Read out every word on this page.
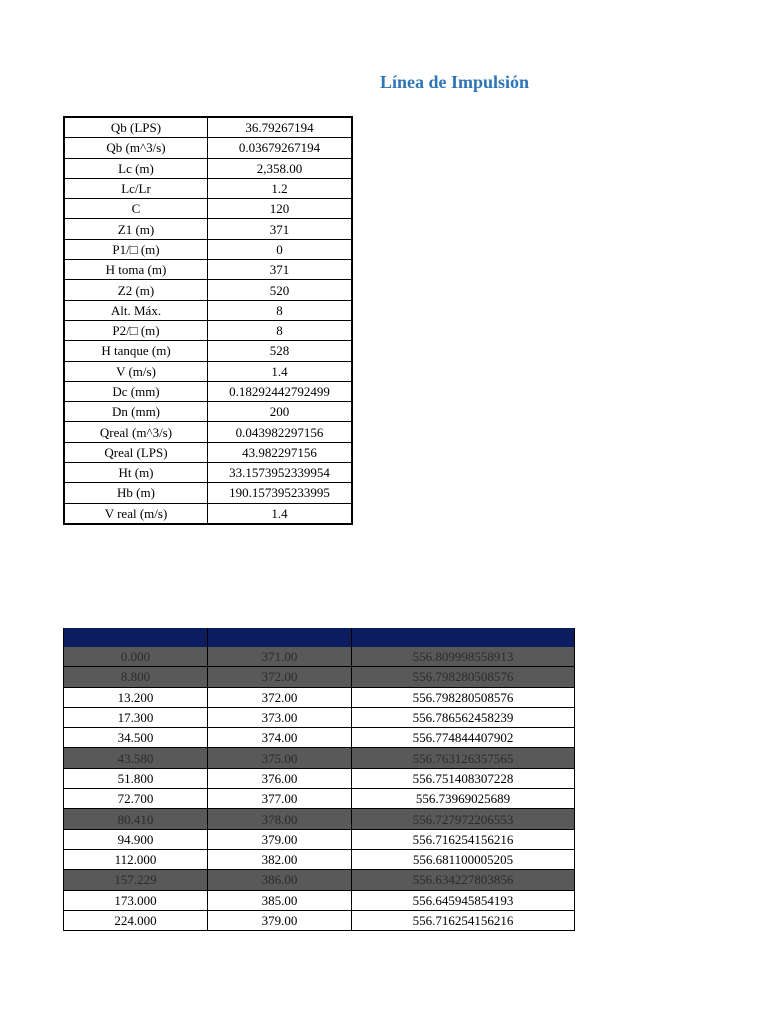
Línea de Impulsión
Qb (LPS)	36.79267194
Qb (m^3/s)	0.03679267194
Lc (m)	2,358.00
Lc/Lr	1.2
C	120
Z1 (m)	371
P1/□ (m)	0
H toma (m)	371
Z2 (m)	520
Alt. Máx.	8
P2/□ (m)	8
H tanque (m)	528
V (m/s)	1.4
Dc (mm)	0.18292442792499
Dn (mm)	200
Qreal (m^3/s)	0.043982297156
Qreal (LPS)	43.982297156
Ht (m)	33.1573952339954
Hb (m)	190.157395233995
V real (m/s)	1.4
PROGRESIVA (m)	RAZANTE (m)	PIEZOMÉTRICA DINÁMICA
0.000	371.00	556.809998558913
8.800	372.00	556.798280508576
13.200	372.00	556.798280508576
17.300	373.00	556.786562458239
34.500	374.00	556.774844407902
43.580	375.00	556.763126357565
51.800	376.00	556.751408307228
72.700	377.00	556.73969025689
80.410	378.00	556.727972206553
94.900	379.00	556.716254156216
112.000	382.00	556.681100005205
157.229	386.00	556.634227803856
173.000	385.00	556.645945854193
224.000	379.00	556.716254156216
